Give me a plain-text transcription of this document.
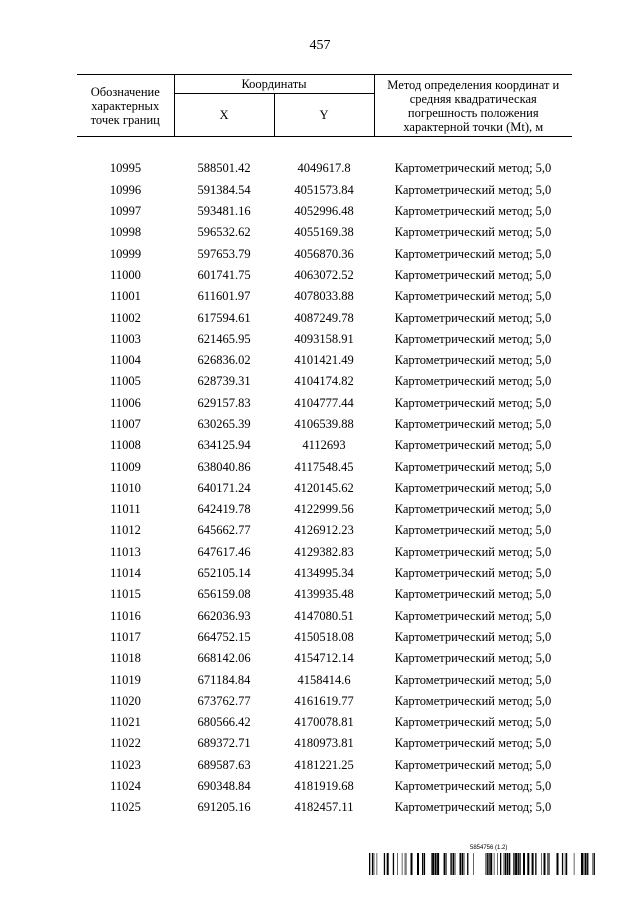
457
Обозначение характерных точек границ	Координаты		Метод определения координат и средняя квадратическая погрешность положения характерной точки (Mt), м
	X	Y	

10995	588501.42	4049617.8	Картометрический метод; 5,0
10996	591384.54	4051573.84	Картометрический метод; 5,0
10997	593481.16	4052996.48	Картометрический метод; 5,0
10998	596532.62	4055169.38	Картометрический метод; 5,0
10999	597653.79	4056870.36	Картометрический метод; 5,0
11000	601741.75	4063072.52	Картометрический метод; 5,0
11001	611601.97	4078033.88	Картометрический метод; 5,0
11002	617594.61	4087249.78	Картометрический метод; 5,0
11003	621465.95	4093158.91	Картометрический метод; 5,0
11004	626836.02	4101421.49	Картометрический метод; 5,0
11005	628739.31	4104174.82	Картометрический метод; 5,0
11006	629157.83	4104777.44	Картометрический метод; 5,0
11007	630265.39	4106539.88	Картометрический метод; 5,0
11008	634125.94	4112693	Картометрический метод; 5,0
11009	638040.86	4117548.45	Картометрический метод; 5,0
11010	640171.24	4120145.62	Картометрический метод; 5,0
11011	642419.78	4122999.56	Картометрический метод; 5,0
11012	645662.77	4126912.23	Картометрический метод; 5,0
11013	647617.46	4129382.83	Картометрический метод; 5,0
11014	652105.14	4134995.34	Картометрический метод; 5,0
11015	656159.08	4139935.48	Картометрический метод; 5,0
11016	662036.93	4147080.51	Картометрический метод; 5,0
11017	664752.15	4150518.08	Картометрический метод; 5,0
11018	668142.06	4154712.14	Картометрический метод; 5,0
11019	671184.84	4158414.6	Картометрический метод; 5,0
11020	673762.77	4161619.77	Картометрический метод; 5,0
11021	680566.42	4170078.81	Картометрический метод; 5,0
11022	689372.71	4180973.81	Картометрический метод; 5,0
11023	689587.63	4181221.25	Картометрический метод; 5,0
11024	690348.84	4181919.68	Картометрический метод; 5,0
11025	691205.16	4182457.11	Картометрический метод; 5,0
5854756 (1.2)
